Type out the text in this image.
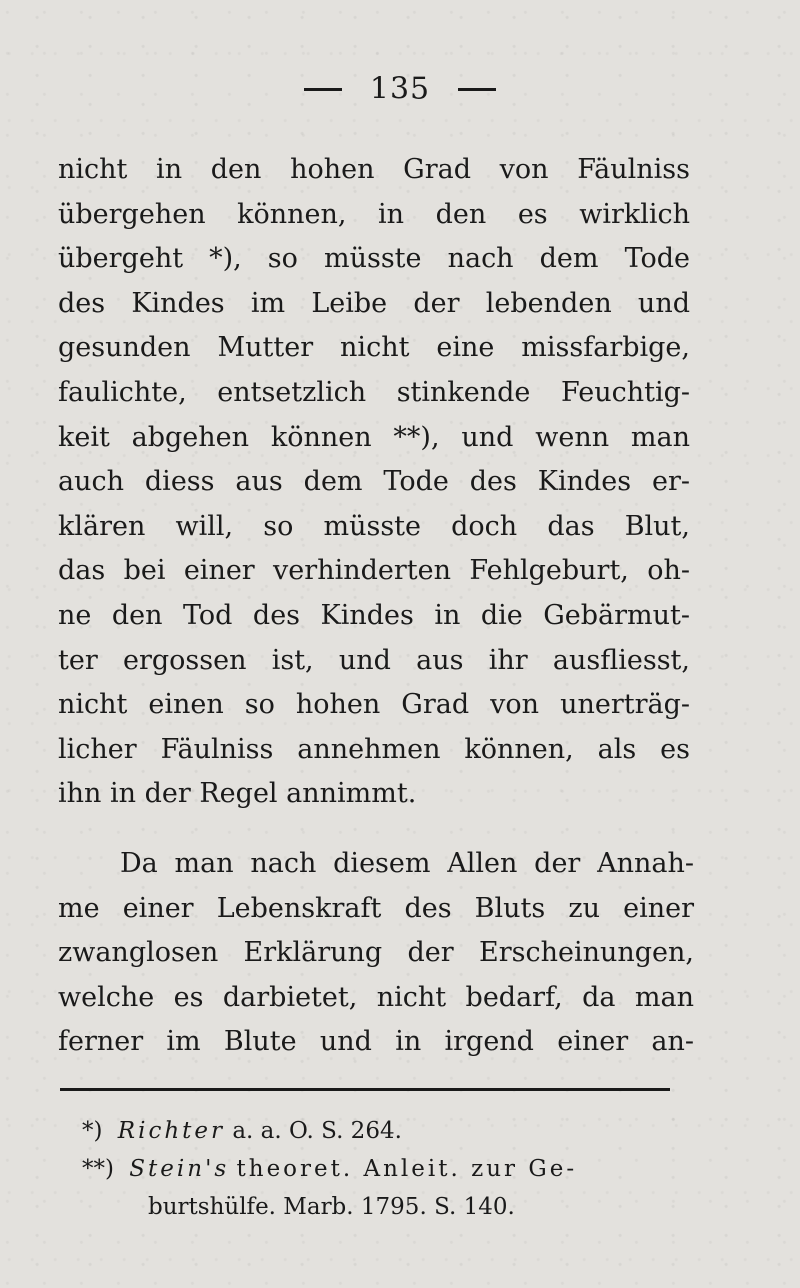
135
nicht in den hohen Grad von Fäulniss
übergehen können, in den es wirklich
übergeht *), so müsste nach dem Tode
des Kindes im Leibe der lebenden und
gesunden Mutter nicht eine missfarbige,
faulichte, entsetzlich stinkende Feuchtig-
keit abgehen können **), und wenn man
auch diess aus dem Tode des Kindes er-
klären will, so müsste doch das Blut,
das bei einer verhinderten Fehlgeburt, oh-
ne den Tod des Kindes in die Gebärmut-
ter ergossen ist, und aus ihr ausfliesst,
nicht einen so hohen Grad von unerträg-
licher Fäulniss annehmen können, als es
ihn in der Regel annimmt.
Da man nach diesem Allen der Annah-
me einer Lebenskraft des Bluts zu einer
zwanglosen Erklärung der Erscheinungen,
welche es darbietet, nicht bedarf, da man
ferner im Blute und in irgend einer an-
*) Richter a. a. O. S. 264.
**) Stein's theoret. Anleit. zur Ge-
burtshülfe. Marb. 1795. S. 140.
